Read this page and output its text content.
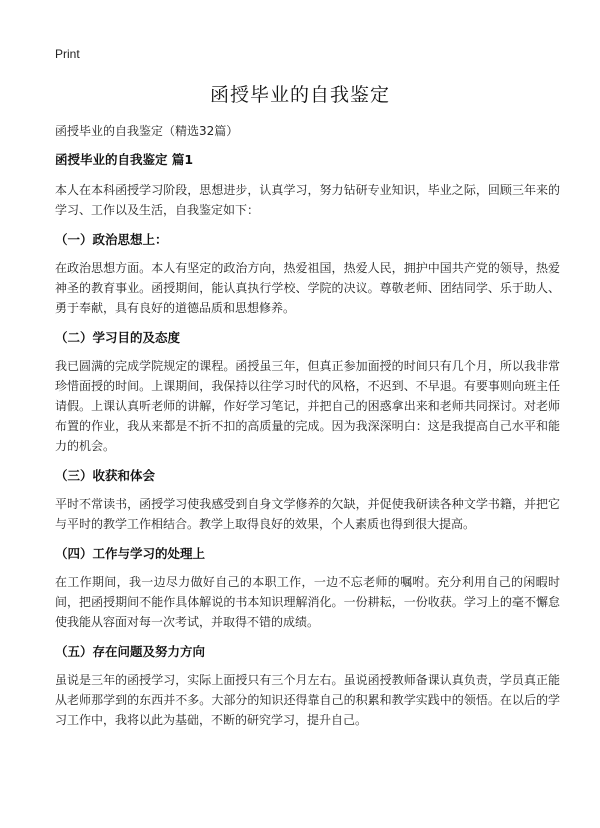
Print
函授毕业的自我鉴定
函授毕业的自我鉴定（精选32篇）
函授毕业的自我鉴定 篇1

本人在本科函授学习阶段，思想进步，认真学习，努力钻研专业知识，毕业之际，回顾三年来的学习、工作以及生活，自我鉴定如下：

（一）政治思想上：

在政治思想方面。本人有坚定的政治方向，热爱祖国，热爱人民，拥护中国共产党的领导，热爱神圣的教育事业。函授期间，能认真执行学校、学院的决议。尊敬老师、团结同学、乐于助人、勇于奉献，具有良好的道德品质和思想修养。

（二）学习目的及态度

我已圆满的完成学院规定的课程。函授虽三年，但真正参加面授的时间只有几个月，所以我非常珍惜面授的时间。上课期间，我保持以往学习时代的风格，不迟到、不早退。有要事则向班主任请假。上课认真听老师的讲解，作好学习笔记，并把自己的困惑拿出来和老师共同探讨。对老师布置的作业，我从来都是不折不扣的高质量的完成。因为我深深明白：这是我提高自己水平和能力的机会。

（三）收获和体会

平时不常读书，函授学习使我感受到自身文学修养的欠缺，并促使我研读各种文学书籍，并把它与平时的教学工作相结合。教学上取得良好的效果，个人素质也得到很大提高。

（四）工作与学习的处理上

在工作期间，我一边尽力做好自己的本职工作，一边不忘老师的嘱咐。充分利用自己的闲暇时间，把函授期间不能作具体解说的书本知识理解消化。一份耕耘，一份收获。学习上的毫不懈怠使我能从容面对每一次考试，并取得不错的成绩。

（五）存在问题及努力方向

虽说是三年的函授学习，实际上面授只有三个月左右。虽说函授教师备课认真负责，学员真正能从老师那学到的东西并不多。大部分的知识还得靠自己的积累和教学实践中的领悟。在以后的学习工作中，我将以此为基础，不断的研究学习，提升自己。
